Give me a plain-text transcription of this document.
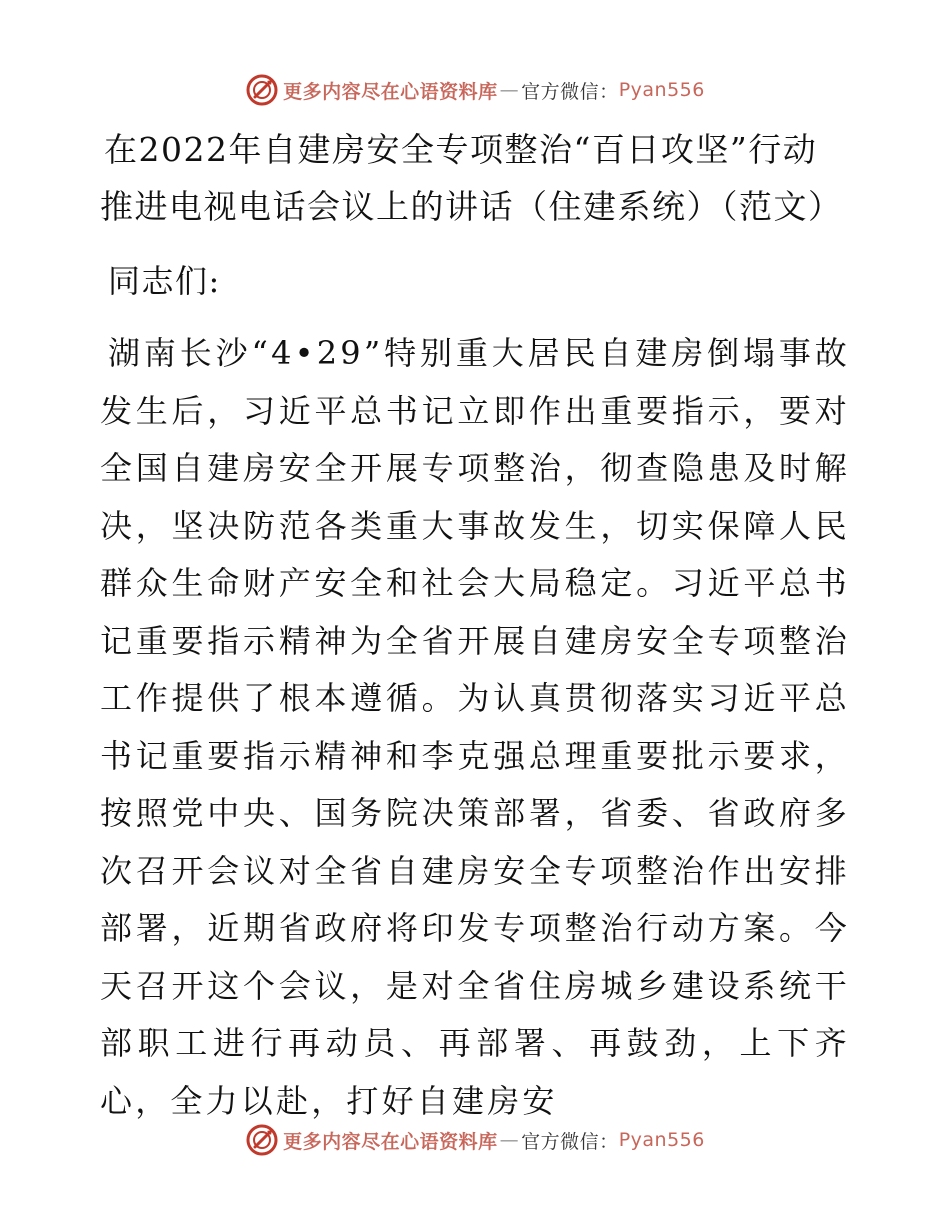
更多内容尽在心语资料库 — 官方微信： Pyan556
在2022年自建房安全专项整治“百日攻坚”行动
推进电视电话会议上的讲话（住建系统）（范文）
同志们:

湖南长沙“4•29”特别重大居民自建房倒塌事故发生后，习近平总书记立即作出重要指示，要对全国自建房安全开展专项整治，彻查隐患及时解决，坚决防范各类重大事故发生，切实保障人民群众生命财产安全和社会大局稳定。习近平总书记重要指示精神为全省开展自建房安全专项整治工作提供了根本遵循。为认真贯彻落实习近平总书记重要指示精神和李克强总理重要批示要求，按照党中央、国务院决策部署，省委、省政府多次召开会议对全省自建房安全专项整治作出安排部署，近期省政府将印发专项整治行动方案。今天召开这个会议，是对全省住房城乡建设系统干部职工进行再动员、再部署、再鼓劲，上下齐心，全力以赴，打好自建房安

更多内容尽在心语资料库 — 官方微信： Pyan556
